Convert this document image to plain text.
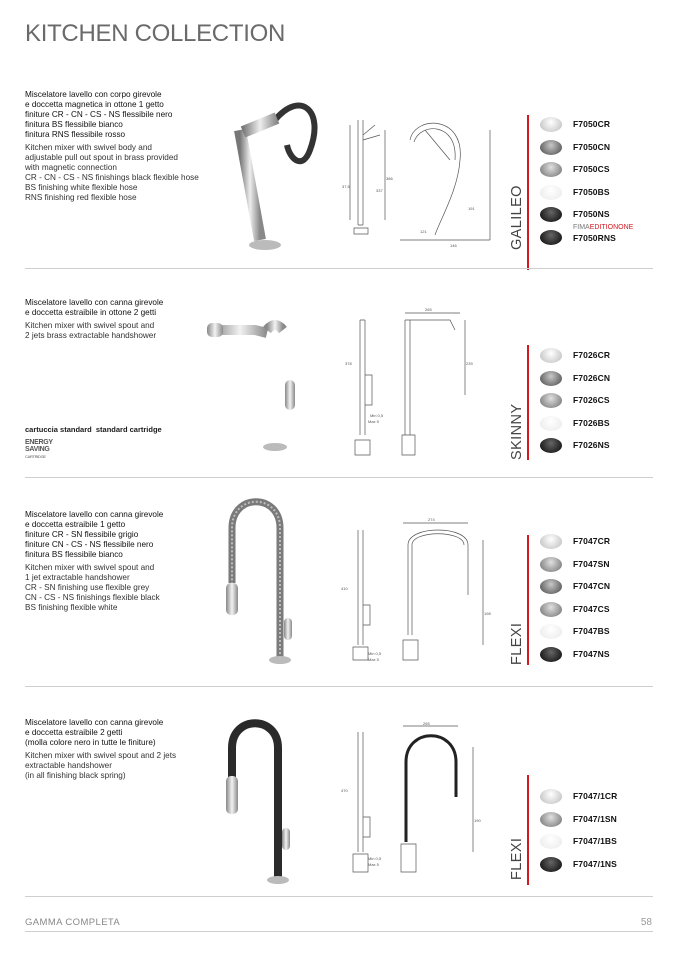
KITCHEN COLLECTION
Miscelatore lavello con corpo girevole
e doccetta magnetica in ottone 1 getto
finiture CR - CN - CS - NS flessibile nero
finitura BS flessibile bianco
finitura RNS flessibile rosso
Kitchen mixer with swivel body and
adjustable pull out spout in brass provided
with magnetic connection
CR - CN - CS - NS finishings black flexible hose
BS finishing white flexible hose
RNS finishing red flexible hose
37,5
386
337
121
191
146	GALILEO
F7050CR
F7050CN
F7050CS
F7050BS
F7050NS
FIMAEDITIONONE
F7050RNS
Miscelatore lavello con canna girevole
e doccetta estraibile in ottone 2 getti
Kitchen mixer with swivel spout and
2 jets brass extractable handshower
cartuccia standard standard cartridge
ENERGY
SAVING
CARTRIDGE
378
265
239
Min 0,5
Max 5	SKINNY
F7026CR
F7026CN
F7026CS
F7026BS
F7026NS
Miscelatore lavello con canna girevole
e doccetta estraibile 1 getto
finiture CR - SN flessibile grigio
finiture CN - CS - NS flessibile nero
finitura BS flessibile bianco
Kitchen mixer with swivel spout and
1 jet extractable handshower
CR - SN finishing use flexible grey
CN - CS - NS finishings flexible black
BS finishing flexible white
410
274
198
Min 0,5
Max 5	FLEXI
F7047CR
F7047SN
F7047CN
F7047CS
F7047BS
F7047NS
Miscelatore lavello con canna girevole
e doccetta estraibile 2 getti
(molla colore nero in tutte le finiture)
Kitchen mixer with swivel spout and 2 jets
extractable handshower
(in all finishing black spring)
470
265
190
Min 0,5
Max 5	FLEXI
F7047/1CR
F7047/1SN
F7047/1BS
F7047/1NS
GAMMA COMPLETA	58
